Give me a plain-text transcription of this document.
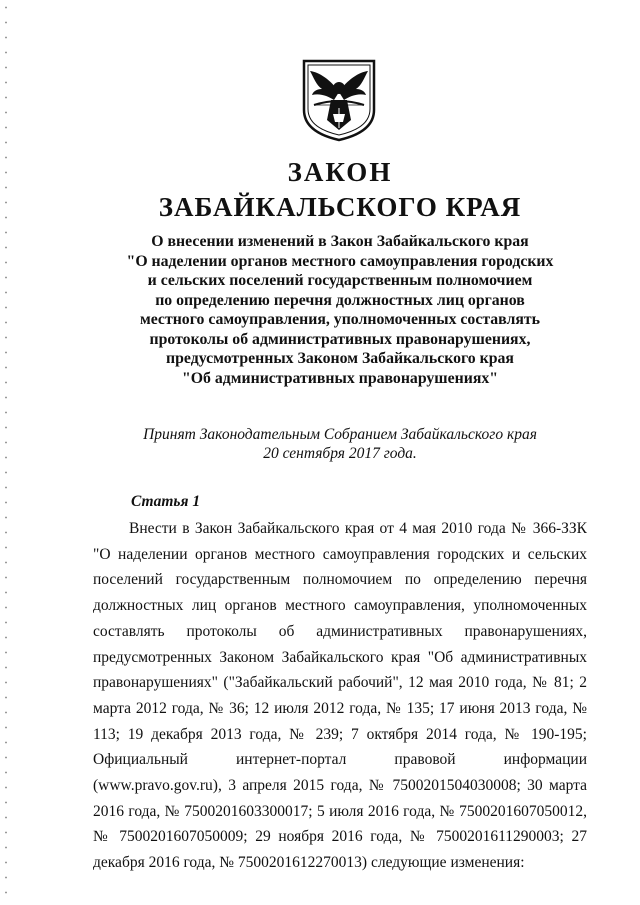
ЗАКОН
ЗАБАЙКАЛЬСКОГО КРАЯ
О внесении изменений в Закон Забайкальского края
"О наделении органов местного самоуправления городских
и сельских поселений государственным полномочием
по определению перечня должностных лиц органов
местного самоуправления, уполномоченных составлять
протоколы об административных правонарушениях,
предусмотренных Законом Забайкальского края
"Об административных правонарушениях"
Принят Законодательным Собранием Забайкальского края
20 сентября 2017 года.
Статья 1

Внести в Закон Забайкальского края от 4 мая 2010 года № 366-ЗЗК "О наделении органов местного самоуправления городских и сельских поселений государственным полномочием по определению перечня должностных лиц органов местного самоуправления, уполномоченных составлять протоколы об административных правонарушениях, предусмотренных Законом Забайкальского края "Об административных правонарушениях" ("Забайкальский рабочий", 12 мая 2010 года, № 81; 2 марта 2012 года, № 36; 12 июля 2012 года, № 135; 17 июня 2013 года, № 113; 19 декабря 2013 года, № 239; 7 октября 2014 года, № 190-195; Официальный интернет-портал правовой информации (www.pravo.gov.ru), 3 апреля 2015 года, № 7500201504030008; 30 марта 2016 года, № 7500201603300017; 5 июля 2016 года, № 7500201607050012, № 7500201607050009; 29 ноября 2016 года, № 7500201611290003; 27 декабря 2016 года, № 7500201612270013) следующие изменения:
